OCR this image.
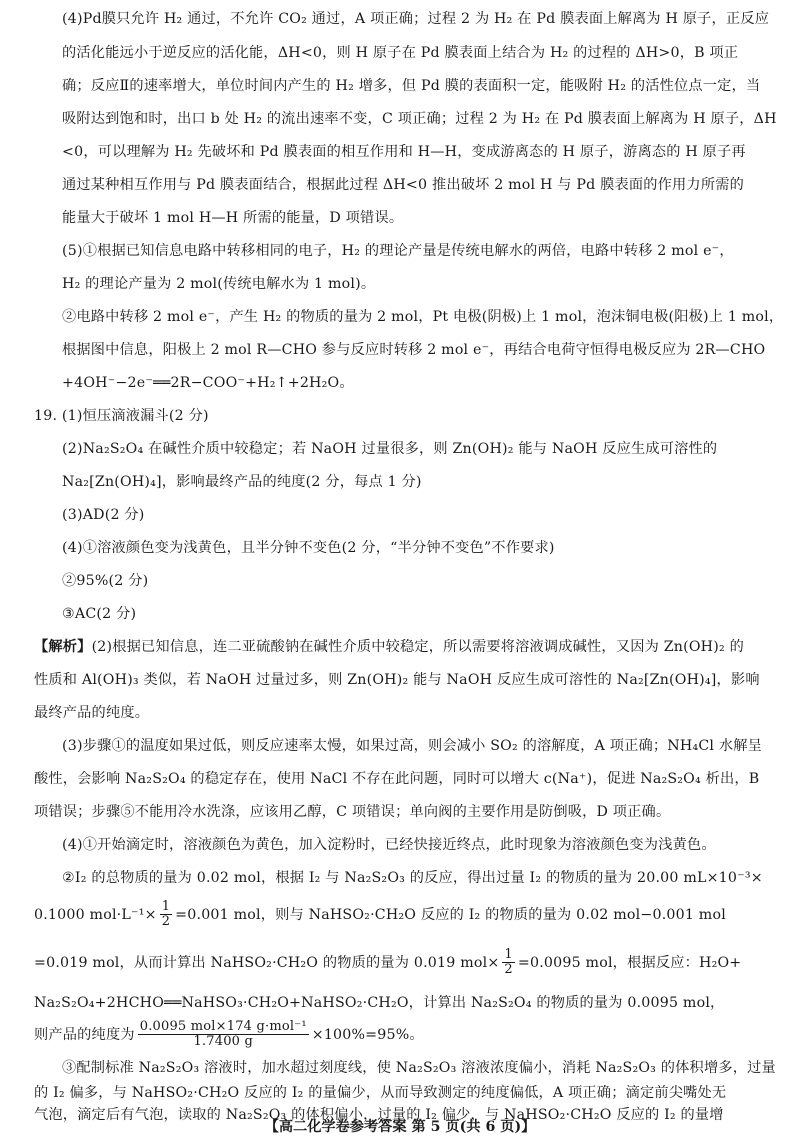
(4)Pd膜只允许 H₂ 通过，不允许 CO₂ 通过，A 项正确；过程 2 为 H₂ 在 Pd 膜表面上解离为 H 原子，正反应
的活化能远小于逆反应的活化能，ΔH<0，则 H 原子在 Pd 膜表面上结合为 H₂ 的过程的 ΔH>0，B 项正
确；反应Ⅱ的速率增大，单位时间内产生的 H₂ 增多，但 Pd 膜的表面积一定，能吸附 H₂ 的活性位点一定，当
吸附达到饱和时，出口 b 处 H₂ 的流出速率不变，C 项正确；过程 2 为 H₂ 在 Pd 膜表面上解离为 H 原子，ΔH
<0，可以理解为 H₂ 先破坏和 Pd 膜表面的相互作用和 H—H，变成游离态的 H 原子，游离态的 H 原子再
通过某种相互作用与 Pd 膜表面结合，根据此过程 ΔH<0 推出破坏 2 mol H 与 Pd 膜表面的作用力所需的
能量大于破坏 1 mol H—H 所需的能量，D 项错误。
(5)①根据已知信息电路中转移相同的电子，H₂ 的理论产量是传统电解水的两倍，电路中转移 2 mol e⁻，
H₂ 的理论产量为 2 mol(传统电解水为 1 mol)。
②电路中转移 2 mol e⁻，产生 H₂ 的物质的量为 2 mol，Pt 电极(阴极)上 1 mol，泡沫铜电极(阳极)上 1 mol，
根据图中信息，阳极上 2 mol R—CHO 参与反应时转移 2 mol e⁻，再结合电荷守恒得电极反应为 2R—CHO
+4OH⁻−2e⁻══2R−COO⁻+H₂↑+2H₂O。
19. (1)恒压滴液漏斗(2 分)
(2)Na₂S₂O₄ 在碱性介质中较稳定；若 NaOH 过量很多，则 Zn(OH)₂ 能与 NaOH 反应生成可溶性的
Na₂[Zn(OH)₄]，影响最终产品的纯度(2 分，每点 1 分)
(3)AD(2 分)
(4)①溶液颜色变为浅黄色，且半分钟不变色(2 分，“半分钟不变色”不作要求)
②95%(2 分)
③AC(2 分)
【解析】(2)根据已知信息，连二亚硫酸钠在碱性介质中较稳定，所以需要将溶液调成碱性，又因为 Zn(OH)₂ 的
性质和 Al(OH)₃ 类似，若 NaOH 过量过多，则 Zn(OH)₂ 能与 NaOH 反应生成可溶性的 Na₂[Zn(OH)₄]，影响
最终产品的纯度。
(3)步骤①的温度如果过低，则反应速率太慢，如果过高，则会减小 SO₂ 的溶解度，A 项正确；NH₄Cl 水解呈
酸性，会影响 Na₂S₂O₄ 的稳定存在，使用 NaCl 不存在此问题，同时可以增大 c(Na⁺)，促进 Na₂S₂O₄ 析出，B
项错误；步骤⑤不能用冷水洗涤，应该用乙醇，C 项错误；单向阀的主要作用是防倒吸，D 项正确。
(4)①开始滴定时，溶液颜色为黄色，加入淀粉时，已经快接近终点，此时现象为溶液颜色变为浅黄色。
②I₂ 的总物质的量为 0.02 mol，根据 I₂ 与 Na₂S₂O₃ 的反应，得出过量 I₂ 的物质的量为 20.00 mL×10⁻³×
0.1000 $mol\cdot L^{-1}\times \frac{1}{2} =0.001$ mol，则与 NaHSO₂·CH₂O 反应的 I₂ 的物质的量为 0.02 mol−0.001 mol
=0.019 mol，从而计算出 NaHSO₂·CH₂O 的物质的量为 0.019 $mol\times \frac{1}{2} =0.0095$ mol，根据反应：H₂O+
Na₂S₂O₄+2HCHO══NaHSO₃·CH₂O+NaHSO₂·CH₂O，计算出 Na₂S₂O₄ 的物质的量为 0.0095 mol，
则产品的纯度为 $\frac{\text{0.0095 mol×174 g·mol⁻¹}}{1.7400 g} \times 100\%=95\%$。
③配制标准 Na₂S₂O₃ 溶液时，加水超过刻度线，使 Na₂S₂O₃ 溶液浓度偏小，消耗 Na₂S₂O₃ 的体积增多，过量
的 I₂ 偏多，与 NaHSO₂·CH₂O 反应的 I₂ 的量偏少，从而导致测定的纯度偏低，A 项正确；滴定前尖嘴处无
气泡，滴定后有气泡，读取的 Na₂S₂O₃ 的体积偏小，过量的 I₂ 偏少，与 NaHSO₂·CH₂O 反应的 I₂ 的量增
【高二化学卷参考答案 第 5 页(共 6 页)】
